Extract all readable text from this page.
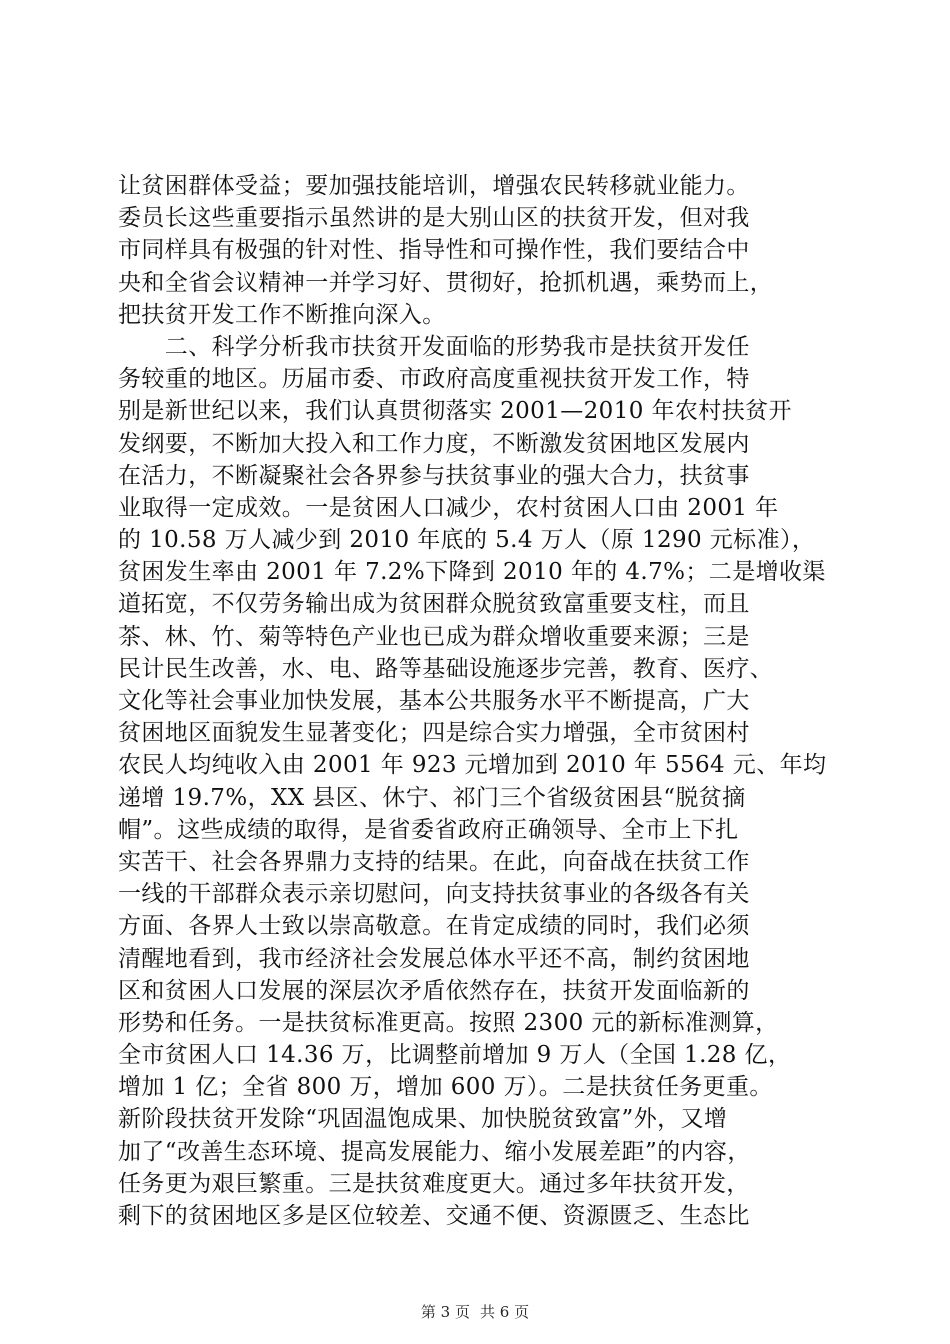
让贫困群体受益；要加强技能培训，增强农民转移就业能力。
委员长这些重要指示虽然讲的是大别山区的扶贫开发，但对我
市同样具有极强的针对性、指导性和可操作性，我们要结合中
央和全省会议精神一并学习好、贯彻好，抢抓机遇，乘势而上，
把扶贫开发工作不断推向深入。
　　二、科学分析我市扶贫开发面临的形势我市是扶贫开发任
务较重的地区。历届市委、市政府高度重视扶贫开发工作，特
别是新世纪以来，我们认真贯彻落实 2001—2010 年农村扶贫开
发纲要，不断加大投入和工作力度，不断激发贫困地区发展内
在活力，不断凝聚社会各界参与扶贫事业的强大合力，扶贫事
业取得一定成效。一是贫困人口减少，农村贫困人口由 2001 年
的 10.58 万人减少到 2010 年底的 5.4 万人（原 1290 元标准），
贫困发生率由 2001 年 7.2%下降到 2010 年的 4.7%；二是增收渠
道拓宽，不仅劳务输出成为贫困群众脱贫致富重要支柱，而且
茶、林、竹、菊等特色产业也已成为群众增收重要来源；三是
民计民生改善，水、电、路等基础设施逐步完善，教育、医疗、
文化等社会事业加快发展，基本公共服务水平不断提高，广大
贫困地区面貌发生显著变化；四是综合实力增强，全市贫困村
农民人均纯收入由 2001 年 923 元增加到 2010 年 5564 元、年均
递增 19.7%，XX 县区、休宁、祁门三个省级贫困县“脱贫摘
帽”。这些成绩的取得，是省委省政府正确领导、全市上下扎
实苦干、社会各界鼎力支持的结果。在此，向奋战在扶贫工作
一线的干部群众表示亲切慰问，向支持扶贫事业的各级各有关
方面、各界人士致以崇高敬意。在肯定成绩的同时，我们必须
清醒地看到，我市经济社会发展总体水平还不高，制约贫困地
区和贫困人口发展的深层次矛盾依然存在，扶贫开发面临新的
形势和任务。一是扶贫标准更高。按照 2300 元的新标准测算，
全市贫困人口 14.36 万，比调整前增加 9 万人（全国 1.28 亿，
增加 1 亿；全省 800 万，增加 600 万）。二是扶贫任务更重。
新阶段扶贫开发除“巩固温饱成果、加快脱贫致富”外，又增
加了“改善生态环境、提高发展能力、缩小发展差距”的内容，
任务更为艰巨繁重。三是扶贫难度更大。通过多年扶贫开发，
剩下的贫困地区多是区位较差、交通不便、资源匮乏、生态比
第 3 页 共 6 页
